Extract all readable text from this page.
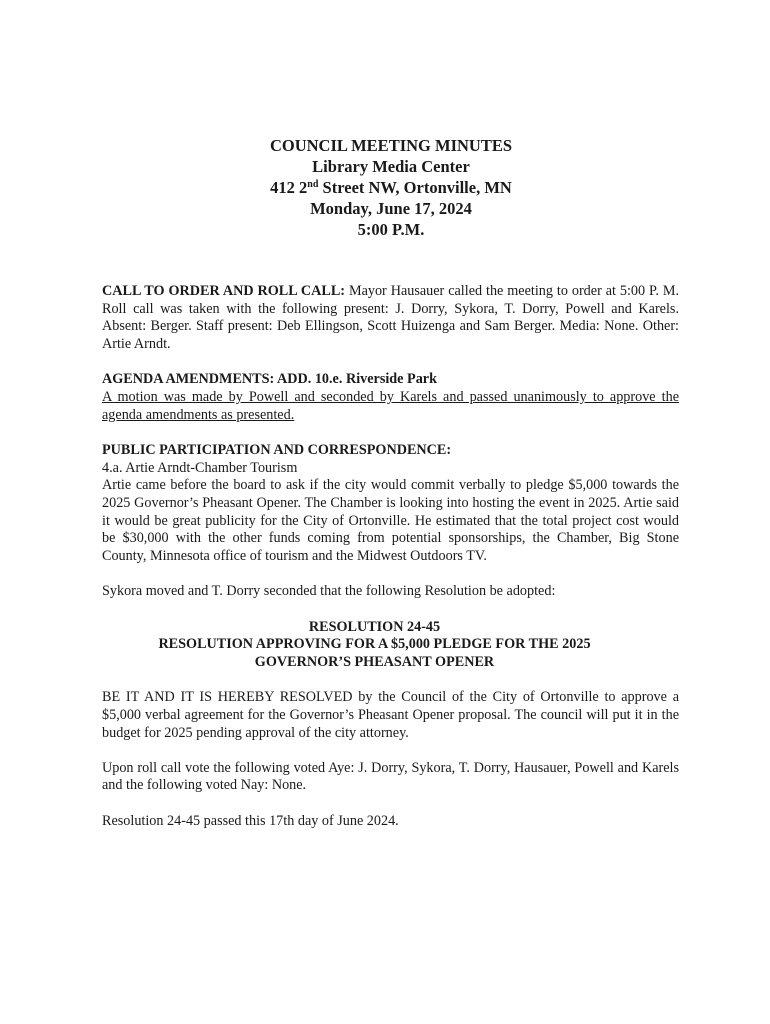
COUNCIL MEETING MINUTES
Library Media Center
412 2nd Street NW, Ortonville, MN
Monday, June 17, 2024
5:00 P.M.

CALL TO ORDER AND ROLL CALL: Mayor Hausauer called the meeting to order at 5:00 P. M. Roll call was taken with the following present: J. Dorry, Sykora, T. Dorry, Powell and Karels. Absent: Berger. Staff present: Deb Ellingson, Scott Huizenga and Sam Berger. Media: None. Other: Artie Arndt.

AGENDA AMENDMENTS: ADD. 10.e. Riverside Park

A motion was made by Powell and seconded by Karels and passed unanimously to approve the agenda amendments as presented.

PUBLIC PARTICIPATION AND CORRESPONDENCE:

4.a. Artie Arndt-Chamber Tourism

Artie came before the board to ask if the city would commit verbally to pledge $5,000 towards the 2025 Governor’s Pheasant Opener. The Chamber is looking into hosting the event in 2025. Artie said it would be great publicity for the City of Ortonville. He estimated that the total project cost would be $30,000 with the other funds coming from potential sponsorships, the Chamber, Big Stone County, Minnesota office of tourism and the Midwest Outdoors TV.

Sykora moved and T. Dorry seconded that the following Resolution be adopted:

RESOLUTION 24-45
RESOLUTION APPROVING FOR A $5,000 PLEDGE FOR THE 2025
GOVERNOR’S PHEASANT OPENER

BE IT AND IT IS HEREBY RESOLVED by the Council of the City of Ortonville to approve a $5,000 verbal agreement for the Governor’s Pheasant Opener proposal. The council will put it in the budget for 2025 pending approval of the city attorney.

Upon roll call vote the following voted Aye: J. Dorry, Sykora, T. Dorry, Hausauer, Powell and Karels and the following voted Nay: None.

Resolution 24-45 passed this 17th day of June 2024.
